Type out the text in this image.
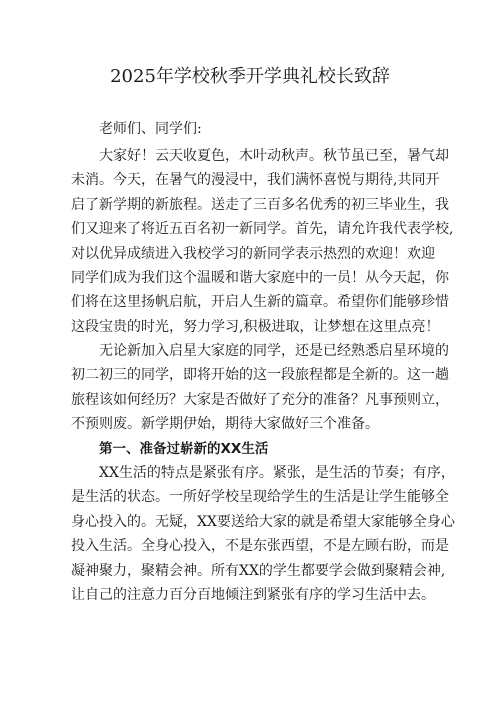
2025年学校秋季开学典礼校长致辞
老师们、同学们:
大家好！云天收夏色，木叶动秋声。秋节虽已至，暑气却
未消。今天，在暑气的漫浸中，我们满怀喜悦与期待,共同开
启了新学期的新旅程。送走了三百多名优秀的初三毕业生，我
们又迎来了将近五百名初一新同学。首先，请允许我代表学校,
对以优异成绩进入我校学习的新同学表示热烈的欢迎！欢迎
同学们成为我们这个温暖和谐大家庭中的一员！从今天起，你
们将在这里扬帆启航，开启人生新的篇章。希望你们能够珍惜
这段宝贵的时光，努力学习,积极进取，让梦想在这里点亮！
无论新加入启星大家庭的同学，还是已经熟悉启星环境的
初二初三的同学，即将开始的这一段旅程都是全新的。这一趟
旅程该如何经历？大家是否做好了充分的准备？凡事预则立，
不预则废。新学期伊始，期待大家做好三个准备。
第一、准备过崭新的XX生活
XX生活的特点是紧张有序。紧张，是生活的节奏；有序，
是生活的状态。一所好学校呈现给学生的生活是让学生能够全
身心投入的。无疑，XX要送给大家的就是希望大家能够全身心
投入生活。全身心投入，不是东张西望，不是左顾右盼，而是
凝神聚力，聚精会神。所有XX的学生都要学会做到聚精会神,
让自己的注意力百分百地倾注到紧张有序的学习生活中去。
